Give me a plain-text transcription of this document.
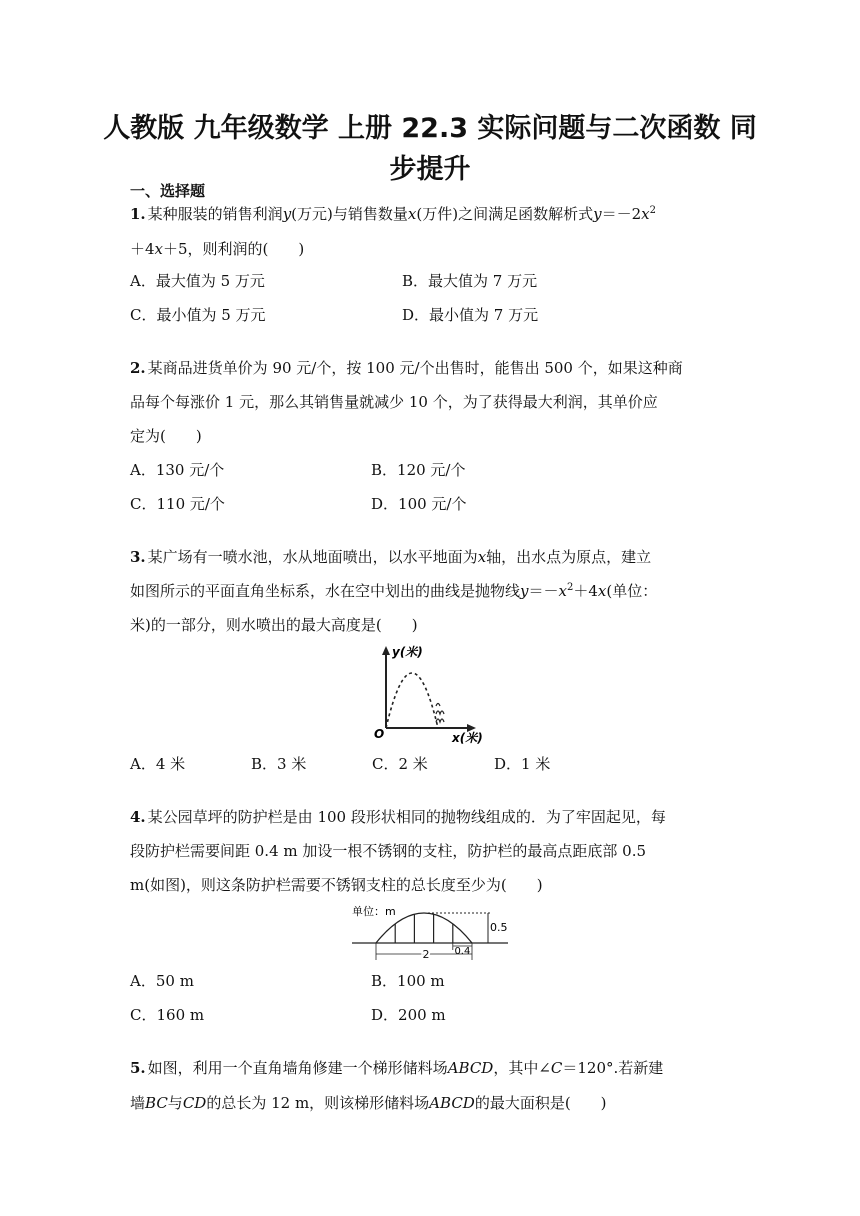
人教版 九年级数学 上册 22.3 实际问题与二次函数 同步提升
一、选择题
1. 某种服装的销售利润y(万元)与销售数量x(万件)之间满足函数解析式$y=-2x^2$
＋4x＋5，则利润的(　　)
A．最大值为 5 万元	B．最大值为 7 万元
C．最小值为 5 万元	D．最小值为 7 万元
2. 某商品进货单价为 90 元/个，按 100 元/个出售时，能售出 500 个，如果这种商
品每个每涨价 1 元，那么其销售量就减少 10 个，为了获得最大利润，其单价应
定为(　　)
A．130 元/个	B．120 元/个
C．110 元/个	D．100 元/个
3. 某广场有一喷水池，水从地面喷出，以水平地面为x轴，出水点为原点，建立
如图所示的平面直角坐标系，水在空中划出的曲线是抛物线$y=-x^2+4x$(单位：
米)的一部分，则水喷出的最大高度是(　　)
y(米)
O	x(米)
A．4 米	B．3 米	C．2 米	D．1 米
4. 某公园草坪的防护栏是由 100 段形状相同的抛物线组成的．为了牢固起见，每
段防护栏需要间距 0.4 m 加设一根不锈钢的支柱，防护栏的最高点距底部 0.5
m(如图)，则这条防护栏需要不锈钢支柱的总长度至少为(　　)
单位：m
0.5
2 0.4
A．50 m	B．100 m
C．160 m	D．200 m
5. 如图，利用一个直角墙角修建一个梯形储料场ABCD，其中∠C＝120°.若新建
墙BC与CD的总长为 12 m，则该梯形储料场ABCD的最大面积是(　　)
